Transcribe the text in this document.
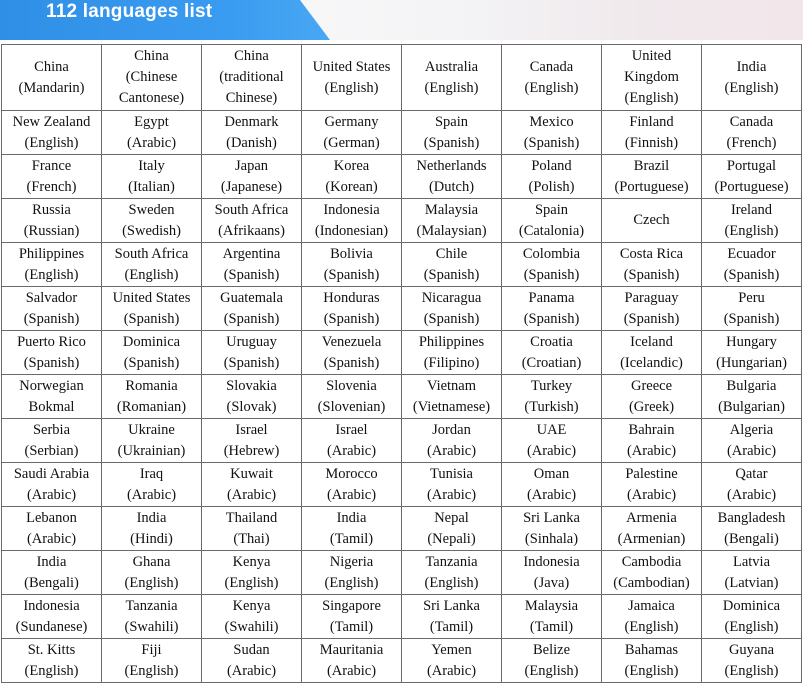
112 languages list
China
(Mandarin)	China
(Chinese
Cantonese)	China
(traditional
Chinese)	United States
(English)	Australia
(English)	Canada
(English)	United
Kingdom
(English)	India
(English)

New Zealand
(English)	Egypt
(Arabic)	Denmark
(Danish)	Germany
(German)	Spain
(Spanish)	Mexico
(Spanish)	Finland
(Finnish)	Canada
(French)

France
(French)	Italy
(Italian)	Japan
(Japanese)	Korea
(Korean)	Netherlands
(Dutch)	Poland
(Polish)	Brazil
(Portuguese)	Portugal
(Portuguese)

Russia
(Russian)	Sweden
(Swedish)	South Africa
(Afrikaans)	Indonesia
(Indonesian)	Malaysia
(Malaysian)	Spain
(Catalonia)	Czech	Ireland
(English)

Philippines
(English)	South Africa
(English)	Argentina
(Spanish)	Bolivia
(Spanish)	Chile
(Spanish)	Colombia
(Spanish)	Costa Rica
(Spanish)	Ecuador
(Spanish)

Salvador
(Spanish)	United States
(Spanish)	Guatemala
(Spanish)	Honduras
(Spanish)	Nicaragua
(Spanish)	Panama
(Spanish)	Paraguay
(Spanish)	Peru
(Spanish)

Puerto Rico
(Spanish)	Dominica
(Spanish)	Uruguay
(Spanish)	Venezuela
(Spanish)	Philippines
(Filipino)	Croatia
(Croatian)	Iceland
(Icelandic)	Hungary
(Hungarian)

Norwegian
Bokmal	Romania
(Romanian)	Slovakia
(Slovak)	Slovenia
(Slovenian)	Vietnam
(Vietnamese)	Turkey
(Turkish)	Greece
(Greek)	Bulgaria
(Bulgarian)

Serbia
(Serbian)	Ukraine
(Ukrainian)	Israel
(Hebrew)	Israel
(Arabic)	Jordan
(Arabic)	UAE
(Arabic)	Bahrain
(Arabic)	Algeria
(Arabic)

Saudi Arabia
(Arabic)	Iraq
(Arabic)	Kuwait
(Arabic)	Morocco
(Arabic)	Tunisia
(Arabic)	Oman
(Arabic)	Palestine
(Arabic)	Qatar
(Arabic)

Lebanon
(Arabic)	India
(Hindi)	Thailand
(Thai)	India
(Tamil)	Nepal
(Nepali)	Sri Lanka
(Sinhala)	Armenia
(Armenian)	Bangladesh
(Bengali)

India
(Bengali)	Ghana
(English)	Kenya
(English)	Nigeria
(English)	Tanzania
(English)	Indonesia
(Java)	Cambodia
(Cambodian)	Latvia
(Latvian)

Indonesia
(Sundanese)	Tanzania
(Swahili)	Kenya
(Swahili)	Singapore
(Tamil)	Sri Lanka
(Tamil)	Malaysia
(Tamil)	Jamaica
(English)	Dominica
(English)

St. Kitts
(English)	Fiji
(English)	Sudan
(Arabic)	Mauritania
(Arabic)	Yemen
(Arabic)	Belize
(English)	Bahamas
(English)	Guyana
(English)
